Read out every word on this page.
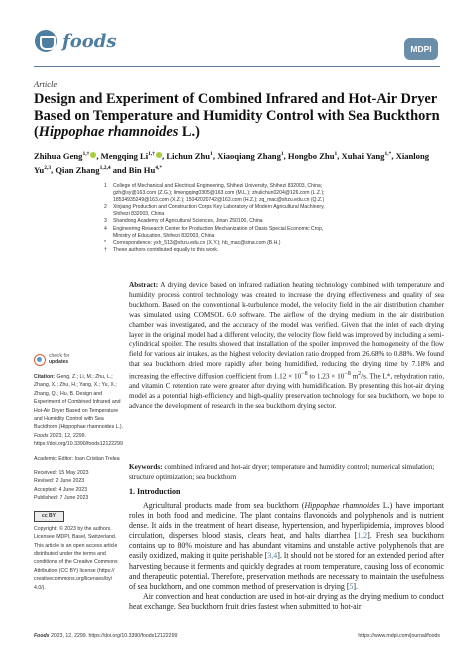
foods	MDPI
Article
Design and Experiment of Combined Infrared and Hot-Air Dryer Based on Temperature and Humidity Control with Sea Buckthorn (Hippophae rhamnoides L.)
Zhihua Geng$^{1,\dagger}$ , Mengqing $Li^{1,\dagger}$ , Lichun Zhu$^1$, Xiaoqiang Zhang$^1$, Hongbo Zhu$^1$, Xuhai Yang$^{1,*}$, Xianlong Yu$^{2,3}$, Qian Zhang$^{1,2,4}$ and Bin $Hu^{4,*}$
1	College of Mechanical and Electrical Engineering, Shihezi University, Shihezi 832003, China;
gzh@sy@163.com (Z.G.); limengqing0305@163.com (M.L.); zhulichun0204@126.com (L.Z.);
18534935249@163.com (X.Z.); 15042020742@163.com (H.Z.); zq_mac@shzu.edu.cn (Q.Z.)
2	Xinjiang Production and Construction Corps Key Laboratory of Modern Agricultural Machinery,
Shihezi 832003, China
3	Shandong Academy of Agricultural Sciences, Jinan 250100, China
4	Engineering Research Center for Production Mechanization of Oasis Special Economic Crop,
Ministry of Education, Shihezi 832003, China
*	Correspondence: yxh_513@shzu.edu.cn (X.Y.); hb_mac@sina.com (B.H.)
†	These authors contributed equally to this work.
Abstract: A drying device based on infrared radiation heating technology combined with temperature and humidity process control technology was created to increase the drying effectiveness and quality of sea buckthorn. Based on the conventional k-turbulence model, the velocity field in the air distribution chamber was simulated using COMSOL 6.0 software. The airflow of the drying medium in the air distribution chamber was investigated, and the accuracy of the model was verified. Given that the inlet of each drying layer in the original model had a different velocity, the velocity flow field was improved by including a semi-cylindrical spoiler. The results showed that installation of the spoiler improved the homogeneity of the flow field for various air intakes, as the highest velocity deviation ratio dropped from 26.68% to 0.88%. We found that sea buckthorn dried more rapidly after being humidified, reducing the drying time by 7.18% and increasing the effective diffusion coefficient from $1.12 \times 10^{-8}$ to $1.23 \times 10^{-8}$ $m^2/s$. The L*, rehydration ratio, and vitamin C retention rate were greater after drying with humidification. By presenting this hot-air drying model as a potential high-efficiency and high-quality preservation technology for sea buckthorn, we hope to advance the development of research in the sea buckthorn drying sector.
Keywords: combined infrared and hot-air dryer; temperature and humidity control; numerical simulation; structure optimization; sea buckthorn
check for
updates
Citation: Geng, Z.; Li, M.; Zhu, L.; Zhang, X.; Zhu, H.; Yang, X.; Yu, X.; Zhang, Q.; Hu, B. Design and Experiment of Combined Infrared and Hot-Air Dryer Based on Temperature and Humidity Control with Sea Buckthorn (Hippophae rhamnoides L.). Foods 2023, 12, 2299. https://doi.org/10.3390/foods12122299
Academic Editor: Ioan Cristian Trelea
Received: 15 May 2023
Revised: 2 June 2023
Accepted: 4 June 2023
Published: 7 June 2023
cc BY
Copyright: © 2023 by the authors. Licensee MDPI, Basel, Switzerland. This article is an open access article distributed under the terms and conditions of the Creative Commons Attribution (CC BY) license (https:// creativecommons.org/licenses/by/ 4.0/).
1. Introduction

Agricultural products made from sea buckthorn (Hippophae rhamnoides L.) have important roles in both food and medicine. The plant contains flavonoids and polyphenols and is nutrient dense. It aids in the treatment of heart disease, hypertension, and hyperlipidemia, improves blood circulation, disperses blood stasis, clears heat, and halts diarrhea [1,2]. Fresh sea buckthorn contains up to 80% moisture and has abundant vitamins and unstable active polyphenols that are easily oxidized, making it quite perishable [3,4]. It should not be stored for an extended period after harvesting because it ferments and quickly degrades at room temperature, causing loss of economic and therapeutic potential. Therefore, preservation methods are necessary to maintain the usefulness of sea buckthorn, and one common method of preservation is drying [5].

Air convection and heat conduction are used in hot-air drying as the drying medium to conduct heat exchange. Sea buckthorn fruit dries fastest when submitted to hot-air

Foods 2023, 12, 2299. https://doi.org/10.3390/foods12122299	https://www.mdpi.com/journal/foods
